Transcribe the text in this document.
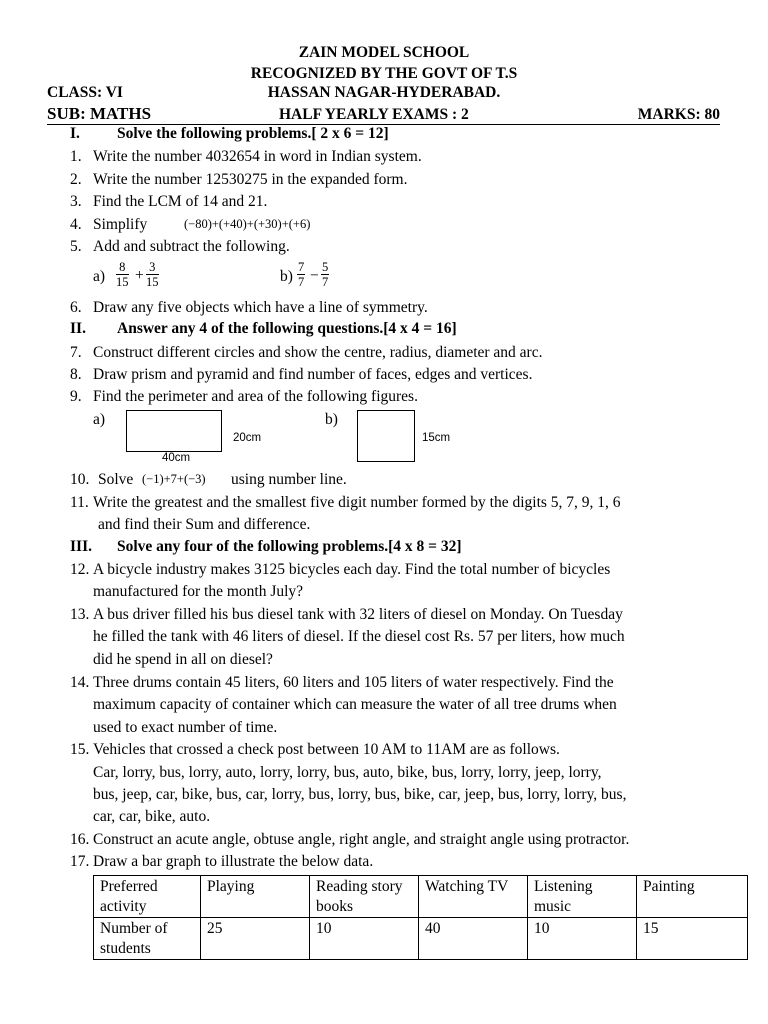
ZAIN MODEL SCHOOL
RECOGNIZED BY THE GOVT OF T.S
CLASS: VI	HASSAN NAGAR-HYDERABAD.
SUB: MATHS	HALF YEARLY EXAMS : 2	MARKS: 80
I. Solve the following problems.[ 2 x 6 = 12]
1. Write the number 4032654 in word in Indian system.
2. Write the number 12530275 in the expanded form.
3. Find the LCM of 14 and 21.
4. Simplify	(−80)+(+40)+(+30)+(+6)
5. Add and subtract the following.
$a) \frac{8}{15} + \frac{3}{15}$	$b) \frac{7}{7} - \frac{5}{7}$
6. Draw any five objects which have a line of symmetry.
II. Answer any 4 of the following questions.[4 x 4 = 16]
7. Construct different circles and show the centre, radius, diameter and arc.
8. Draw prism and pyramid and find number of faces, edges and vertices.
9. Find the perimeter and area of the following figures.
a)
20cm
40cm
b)
15cm
10. Solve (−1)+7+(−3) using number line.
11. Write the greatest and the smallest five digit number formed by the digits 5, 7, 9, 1, 6
and find their Sum and difference.
III. Solve any four of the following problems.[4 x 8 = 32]
12. A bicycle industry makes 3125 bicycles each day. Find the total number of bicycles
manufactured for the month July?
13. A bus driver filled his bus diesel tank with 32 liters of diesel on Monday. On Tuesday
he filled the tank with 46 liters of diesel. If the diesel cost Rs. 57 per liters, how much
did he spend in all on diesel?
14. Three drums contain 45 liters, 60 liters and 105 liters of water respectively. Find the
maximum capacity of container which can measure the water of all tree drums when
used to exact number of time.
15. Vehicles that crossed a check post between 10 AM to 11AM are as follows.
Car, lorry, bus, lorry, auto, lorry, lorry, bus, auto, bike, bus, lorry, lorry, jeep, lorry,
bus, jeep, car, bike, bus, car, lorry, bus, lorry, bus, bike, car, jeep, bus, lorry, lorry, bus,
car, car, bike, auto.
16. Construct an acute angle, obtuse angle, right angle, and straight angle using protractor.
17. Draw a bar graph to illustrate the below data.
Preferred activity	Playing	Reading story books	Watching TV	Listening music	Painting
Number of students	25	10	40	10	15
